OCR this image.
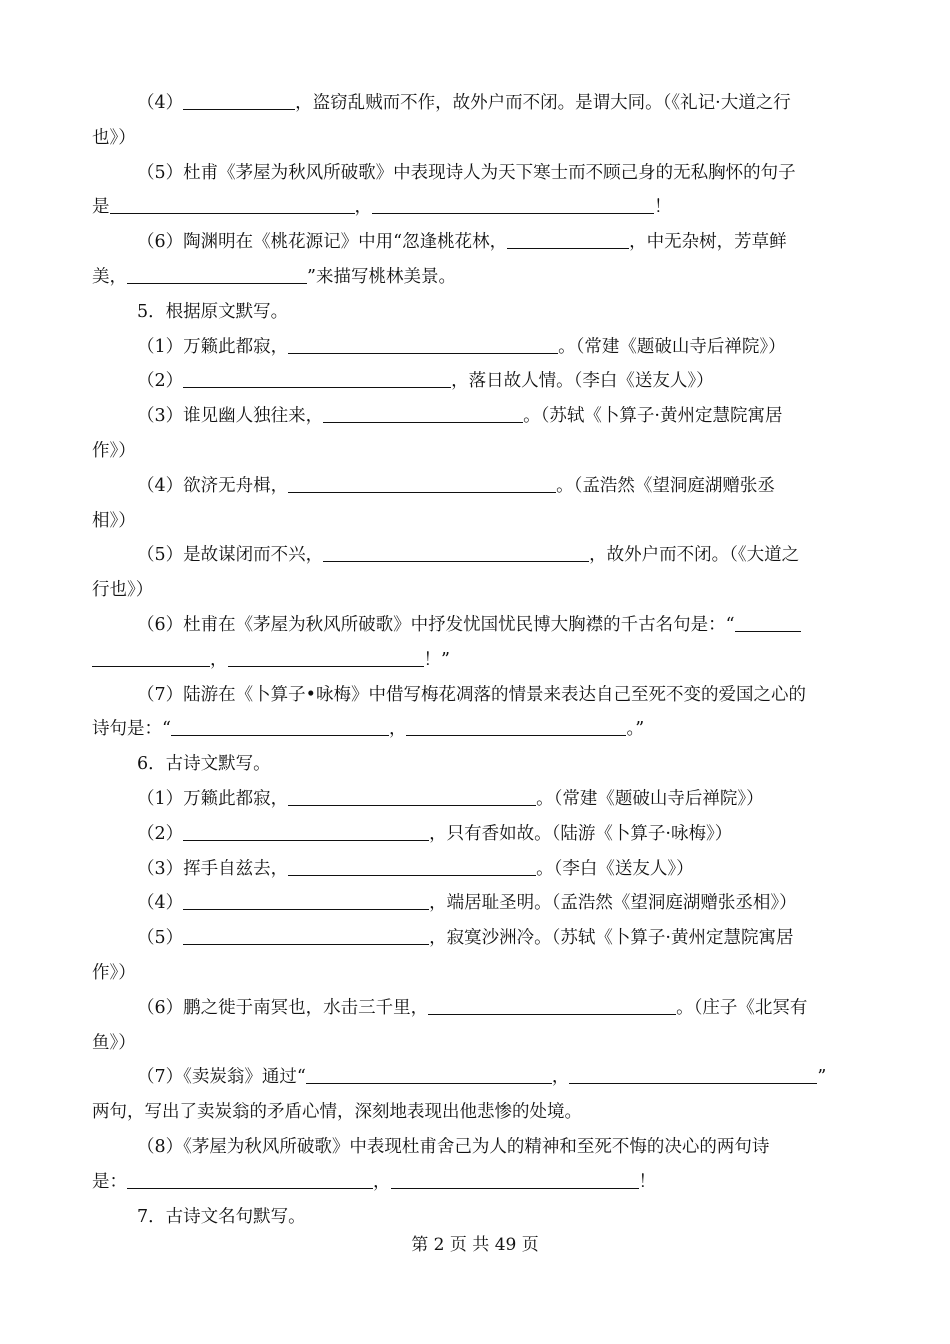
（4）	，盗窃乱贼而不作，故外户而不闭。是谓大同。（《礼记·大道之行
也》）
（5）杜甫《茅屋为秋风所破歌》中表现诗人为天下寒士而不顾己身的无私胸怀的句子
是	，	！
（6）陶渊明在《桃花源记》中用“忽逢桃花林，	，中无杂树，芳草鲜
美，	”来描写桃林美景。
5．根据原文默写。
（1）万籁此都寂，	。（常建《题破山寺后禅院》）
（2）	，落日故人情。（李白《送友人》）
（3）谁见幽人独往来，	。（苏轼《卜算子·黄州定慧院寓居
作》）
（4）欲济无舟楫，	。（孟浩然《望洞庭湖赠张丞
相》）
（5）是故谋闭而不兴，	，故外户而不闭。（《大道之
行也》）
（6）杜甫在《茅屋为秋风所破歌》中抒发忧国忧民博大胸襟的千古名句是：“
，	！”
（7）陆游在《卜算子•咏梅》中借写梅花凋落的情景来表达自己至死不变的爱国之心的
诗句是：“	，	。”
6．古诗文默写。
（1）万籁此都寂，	。（常建《题破山寺后禅院》）
（2）	，只有香如故。（陆游《卜算子·咏梅》）
（3）挥手自兹去，	。（李白《送友人》）
（4）	，端居耻圣明。（孟浩然《望洞庭湖赠张丞相》）
（5）	，寂寞沙洲冷。（苏轼《卜算子·黄州定慧院寓居
作》）
（6）鹏之徙于南冥也，水击三千里，	。（庄子《北冥有
鱼》）
（7）《卖炭翁》通过“	，	”
两句，写出了卖炭翁的矛盾心情，深刻地表现出他悲惨的处境。
（8）《茅屋为秋风所破歌》中表现杜甫舍己为人的精神和至死不悔的决心的两句诗
是：	，	！
7．古诗文名句默写。
第 2 页 共 49 页
